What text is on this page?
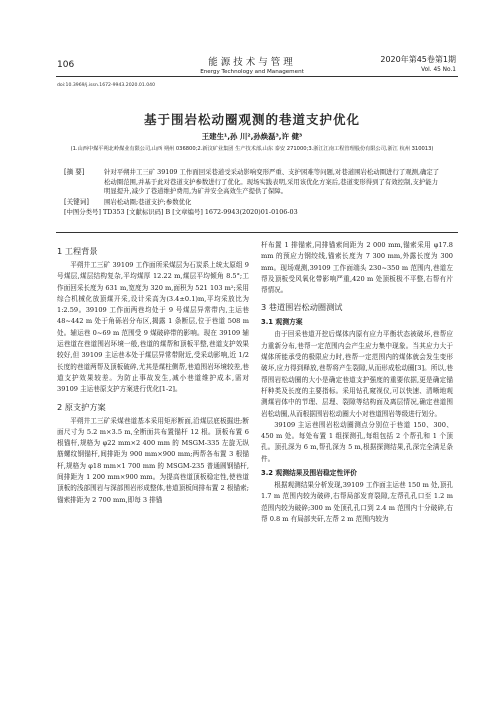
106	能源技术与管理
Energy Technology and Management
2020年第45卷第1期
Vol. 45 No.1
doi:10.3969/j.issn.1672-9943.2020.01.040
基于围岩松动圈观测的巷道支护优化
王建生¹,孙 川²,孙焕磊³,许 健³
(1.山西中煤平朔北岭煤业有限公司,山西 朔州 036800;2.新汶矿业集团 生产技术部,山东 泰安 271000;3.浙江江南工程管理股份有限公司,浙江 杭州 310013)
[摘 要]	针对平朔井工三矿 39109 工作面回采巷道受采动影响变形严重、支护困难等问题,对巷道围岩松动圈进行了观测,确定了松动圈范围,并基于此对巷道支护参数进行了优化。现场实践表明,采用该优化方案后,巷道变形得到了有效控制,支护能力明显提升,减少了巷道维护费用,为矿井安全高效生产提供了保障。
[关键词]	围岩松动圈;巷道支护;参数优化
[中图分类号] TD353 [文献标识码] B [文章编号] 1672-9943(2020)01-0106-03
1 工程背景

平朔井工三矿 39109 工作面所采煤层为石炭系上统太原组 9 号煤层,煤层结构复杂,平均煤厚 12.22 m,煤层平均倾角 8.5°;工作面回采长度为 631 m,宽度为 320 m,面积为 521 103 m²;采用综合机械化放顶煤开采,设计采高为(3.4±0.1)m,平均采放比为 1:2.59。39109 工作面两巷均处于 9 号煤层异常带内,主运巷 48~442 m 处于角砾岩分布区,揭露 1 条断层,位于巷道 508 m 处。辅运巷 0~69 m 范围受 9 煤破碎带的影响。现在 39109 辅运巷道在巷道围岩环境一般,巷道的煤帮和顶板平整,巷道支护效果较好,但 39109 主运巷本处于煤层异常带附近,受采动影响,近 1/2 长度的巷道两帮及顶板破碎,尤其是煤柱侧帮,巷道围岩环境较差,巷道支护效果较差。为防止事故发生,减小巷道维护成本,需对 39109 主运巷原支护方案进行优化[1-2]。

2 原支护方案

平朔井工三矿采煤巷道基本采用矩形断面,沿煤层底板掘进;断面尺寸为 5.2 m×3.5 m,全断面共布置锚杆 12 根。顶板布置 6 根锚杆,规格为 φ22 mm×2 400 mm 的 MSGM-335 左旋无纵筋螺纹钢锚杆,间排距为 900 mm×900 mm;两帮各布置 3 根锚杆,规格为 φ18 mm×1 700 mm 的 MSGM-235 普通圆钢锚杆,间排距为 1 200 mm×900 mm。为提高巷道顶板稳定性,使巷道顶板的浅部围岩与深部围岩形成整体,巷道顶板间排布置 2 根锚索;锚索排距为 2 700 mm,即每 3 排锚

杆布置 1 排锚索,同排锚索间距为 2 000 mm,锚索采用 φ17.8 mm 的预应力钢绞线,锚索长度为 7 300 mm,外露长度为 300 mm。现场观测,39109 工作面端头 230~350 m 范围内,巷道左帮及顶板受风氧化带影响严重,420 m 处顶板极不平整,右帮有片帮情况。

3 巷道围岩松动圈测试
3.1 观测方案

由于回采巷道开挖后煤体内原有应力平衡状态被破坏,巷帮应力重新分布,巷帮一定范围内会产生应力集中现象。当其应力大于煤体所能承受的极限应力时,巷帮一定范围内的煤体就会发生变形破坏,应力得到释放,巷帮将产生裂隙,从而形成松动圈[3]。所以,巷帮围岩松动圈的大小是确定巷道支护强度的重要依据,更是确定锚杆种类及长度的主要指标。采用钻孔窥视仪,可以快速、清晰地观测煤岩体中的节理、层理、裂隙等结构面及离层情况,确定巷道围岩松动圈,从而根据围岩松动圈大小对巷道围岩等级进行划分。

39109 主运巷围岩松动圈测点分别位于巷道 150、300、450 m 处。每处布置 1 组探测孔,每组包括 2 个帮孔和 1 个顶孔。顶孔深为 6 m,帮孔深为 5 m,根据探测结果,孔深完全满足条件。

3.2 观测结果及围岩稳定性评价

根据观测结果分析发现,39109 工作面主运巷 150 m 处,顶孔 1.7 m 范围内较为破碎,右帮局部发育裂隙,左帮孔孔口至 1.2 m 范围内较为破碎;300 m 处顶孔孔口到 2.4 m 范围内十分破碎,右帮 0.8 m 有局部夹矸,左帮 2 m 范围内较为
